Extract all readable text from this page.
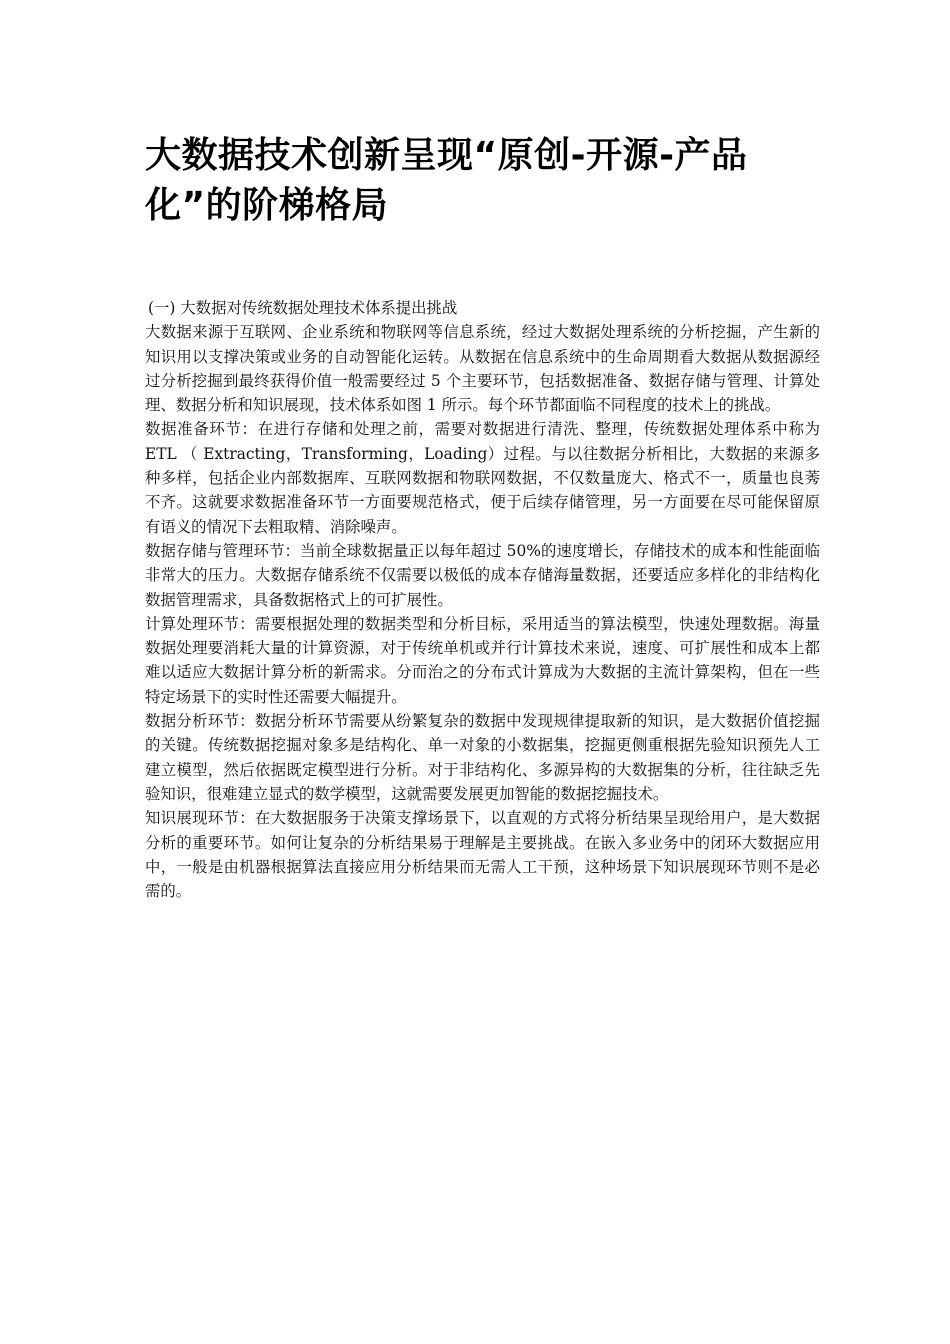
大数据技术创新呈现“原创-开源-产品化”的阶梯格局

(一) 大数据对传统数据处理技术体系提出挑战

大数据来源于互联网、企业系统和物联网等信息系统，经过大数据处理系统的分析挖掘，产生新的知识用以支撑决策或业务的自动智能化运转。从数据在信息系统中的生命周期看大数据从数据源经过分析挖掘到最终获得价值一般需要经过 5 个主要环节，包括数据准备、数据存储与管理、计算处理、数据分析和知识展现，技术体系如图 1 所示。每个环节都面临不同程度的技术上的挑战。

数据准备环节：在进行存储和处理之前，需要对数据进行清洗、整理，传统数据处理体系中称为 ETL （ Extracting，Transforming，Loading）过程。与以往数据分析相比，大数据的来源多种多样，包括企业内部数据库、互联网数据和物联网数据，不仅数量庞大、格式不一，质量也良莠不齐。这就要求数据准备环节一方面要规范格式，便于后续存储管理，另一方面要在尽可能保留原有语义的情况下去粗取精、消除噪声。

数据存储与管理环节：当前全球数据量正以每年超过 50%的速度增长，存储技术的成本和性能面临非常大的压力。大数据存储系统不仅需要以极低的成本存储海量数据，还要适应多样化的非结构化数据管理需求，具备数据格式上的可扩展性。

计算处理环节：需要根据处理的数据类型和分析目标，采用适当的算法模型，快速处理数据。海量数据处理要消耗大量的计算资源，对于传统单机或并行计算技术来说，速度、可扩展性和成本上都难以适应大数据计算分析的新需求。分而治之的分布式计算成为大数据的主流计算架构，但在一些特定场景下的实时性还需要大幅提升。

数据分析环节：数据分析环节需要从纷繁复杂的数据中发现规律提取新的知识，是大数据价值挖掘的关键。传统数据挖掘对象多是结构化、单一对象的小数据集，挖掘更侧重根据先验知识预先人工建立模型，然后依据既定模型进行分析。对于非结构化、多源异构的大数据集的分析，往往缺乏先验知识，很难建立显式的数学模型，这就需要发展更加智能的数据挖掘技术。

知识展现环节：在大数据服务于决策支撑场景下，以直观的方式将分析结果呈现给用户，是大数据分析的重要环节。如何让复杂的分析结果易于理解是主要挑战。在嵌入多业务中的闭环大数据应用中，一般是由机器根据算法直接应用分析结果而无需人工干预，这种场景下知识展现环节则不是必需的。
